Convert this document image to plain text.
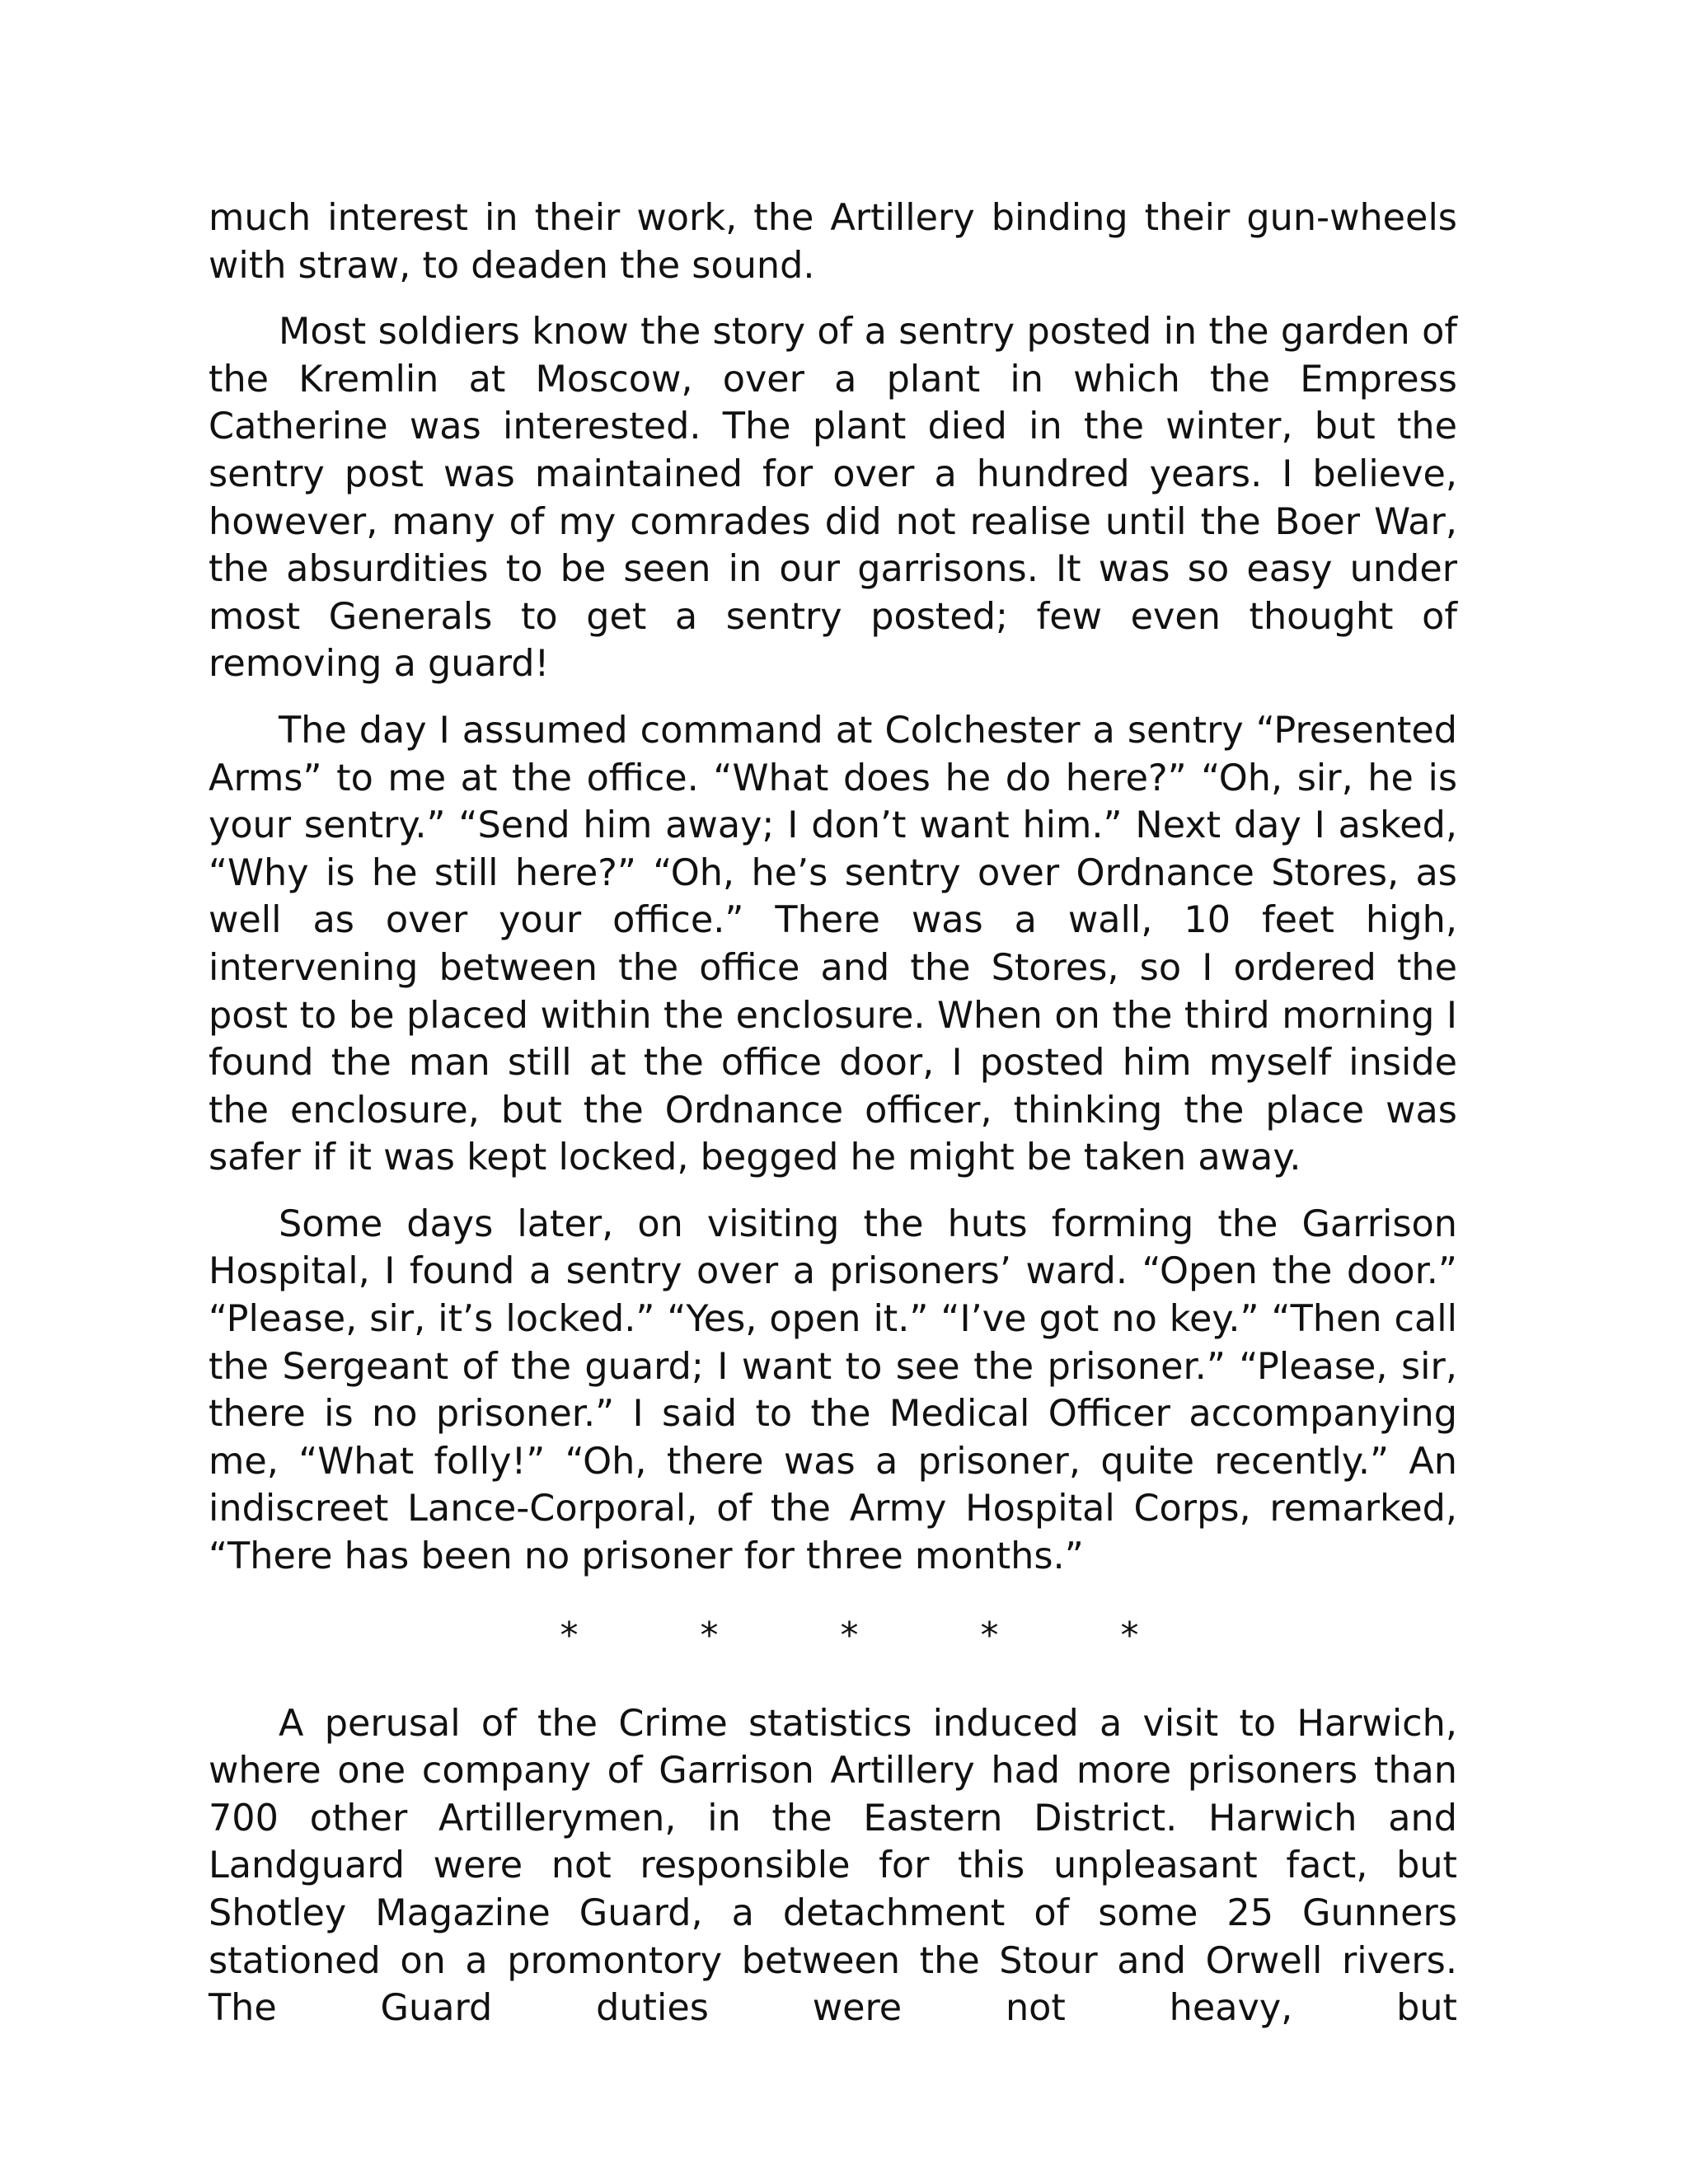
much interest in their work, the Artillery binding their gun-wheels with straw, to deaden the sound.

Most soldiers know the story of a sentry posted in the garden of the Kremlin at Moscow, over a plant in which the Empress Catherine was interested. The plant died in the winter, but the sentry post was maintained for over a hundred years. I believe, however, many of my comrades did not realise until the Boer War, the absurdities to be seen in our garrisons. It was so easy under most Generals to get a sentry posted; few even thought of removing a guard!

The day I assumed command at Colchester a sentry “Presented Arms” to me at the office. “What does he do here?” “Oh, sir, he is your sentry.” “Send him away; I don’t want him.” Next day I asked, “Why is he still here?” “Oh, he’s sentry over Ordnance Stores, as well as over your office.” There was a wall, 10 feet high, intervening between the office and the Stores, so I ordered the post to be placed within the enclosure. When on the third morning I found the man still at the office door, I posted him myself inside the enclosure, but the Ordnance officer, thinking the place was safer if it was kept locked, begged he might be taken away.

Some days later, on visiting the huts forming the Garrison Hospital, I found a sentry over a prisoners’ ward. “Open the door.” “Please, sir, it’s locked.” “Yes, open it.” “I’ve got no key.” “Then call the Sergeant of the guard; I want to see the prisoner.” “Please, sir, there is no prisoner.” I said to the Medical Officer accompanying me, “What folly!” “Oh, there was a prisoner, quite recently.” An indiscreet Lance-Corporal, of the Army Hospital Corps, remarked, “There has been no prisoner for three months.”

*	*	*	*	*

A perusal of the Crime statistics induced a visit to Harwich, where one company of Garrison Artillery had more prisoners than 700 other Artillerymen, in the Eastern District. Harwich and Landguard were not responsible for this unpleasant fact, but Shotley Magazine Guard, a detachment of some 25 Gunners stationed on a promontory between the Stour and Orwell rivers. The Guard duties were not heavy, but
